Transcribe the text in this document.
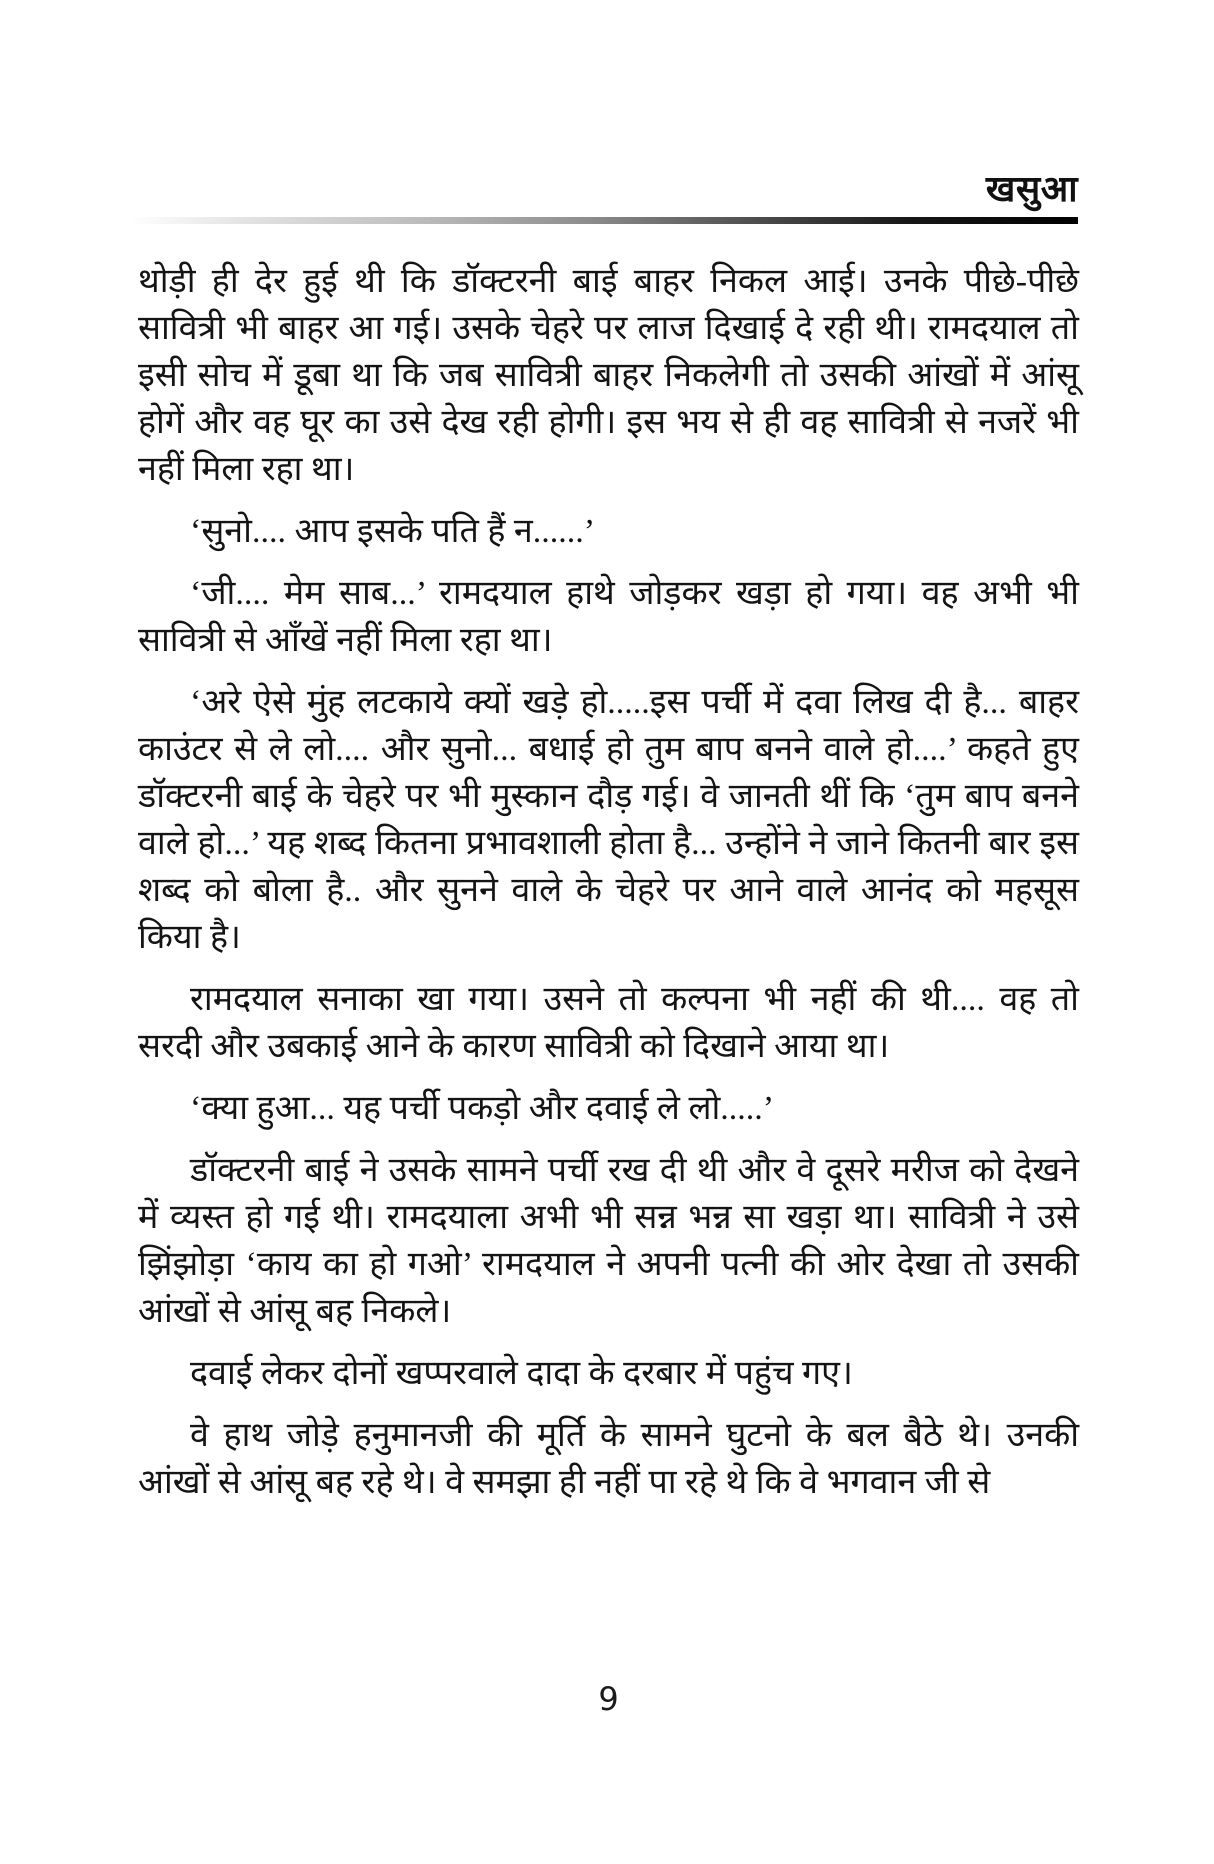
खसुआ

थोड़ी ही देर हुई थी कि डॉक्टरनी बाई बाहर निकल आई। उनके पीछे-पीछे सावित्री भी बाहर आ गई। उसके चेहरे पर लाज दिखाई दे रही थी। रामदयाल तो इसी सोच में डूबा था कि जब सावित्री बाहर निकलेगी तो उसकी आंखों में आंसू होगें और वह घूर का उसे देख रही होगी। इस भय से ही वह सावित्री से नजरें भी नहीं मिला रहा था।

‘सुनो.... आप इसके पति हैं न......’

‘जी.... मेम साब...’ रामदयाल हाथे जोड़कर खड़ा हो गया। वह अभी भी सावित्री से आँखें नहीं मिला रहा था।

‘अरे ऐसे मुंह लटकाये क्यों खड़े हो.....इस पर्ची में दवा लिख दी है... बाहर काउंटर से ले लो.... और सुनो... बधाई हो तुम बाप बनने वाले हो....’ कहते हुए डॉक्टरनी बाई के चेहरे पर भी मुस्कान दौड़ गई। वे जानती थीं कि ‘तुम बाप बनने वाले हो...’ यह शब्द कितना प्रभावशाली होता है... उन्होंने ने जाने कितनी बार इस शब्द को बोला है.. और सुनने वाले के चेहरे पर आने वाले आनंद को महसूस किया है।

रामदयाल सनाका खा गया। उसने तो कल्पना भी नहीं की थी.... वह तो सरदी और उबकाई आने के कारण सावित्री को दिखाने आया था।

‘क्या हुआ... यह पर्ची पकड़ो और दवाई ले लो.....’

डॉक्टरनी बाई ने उसके सामने पर्ची रख दी थी और वे दूसरे मरीज को देखने में व्यस्त हो गई थी। रामदयाला अभी भी सन्न भन्न सा खड़ा था। सावित्री ने उसे झिंझोड़ा ‘काय का हो गओ’ रामदयाल ने अपनी पत्नी की ओर देखा तो उसकी आंखों से आंसू बह निकले।

दवाई लेकर दोनों खप्परवाले दादा के दरबार में पहुंच गए।

वे हाथ जोड़े हनुमानजी की मूर्ति के सामने घुटनो के बल बैठे थे। उनकी आंखों से आंसू बह रहे थे। वे समझा ही नहीं पा रहे थे कि वे भगवान जी से

9
